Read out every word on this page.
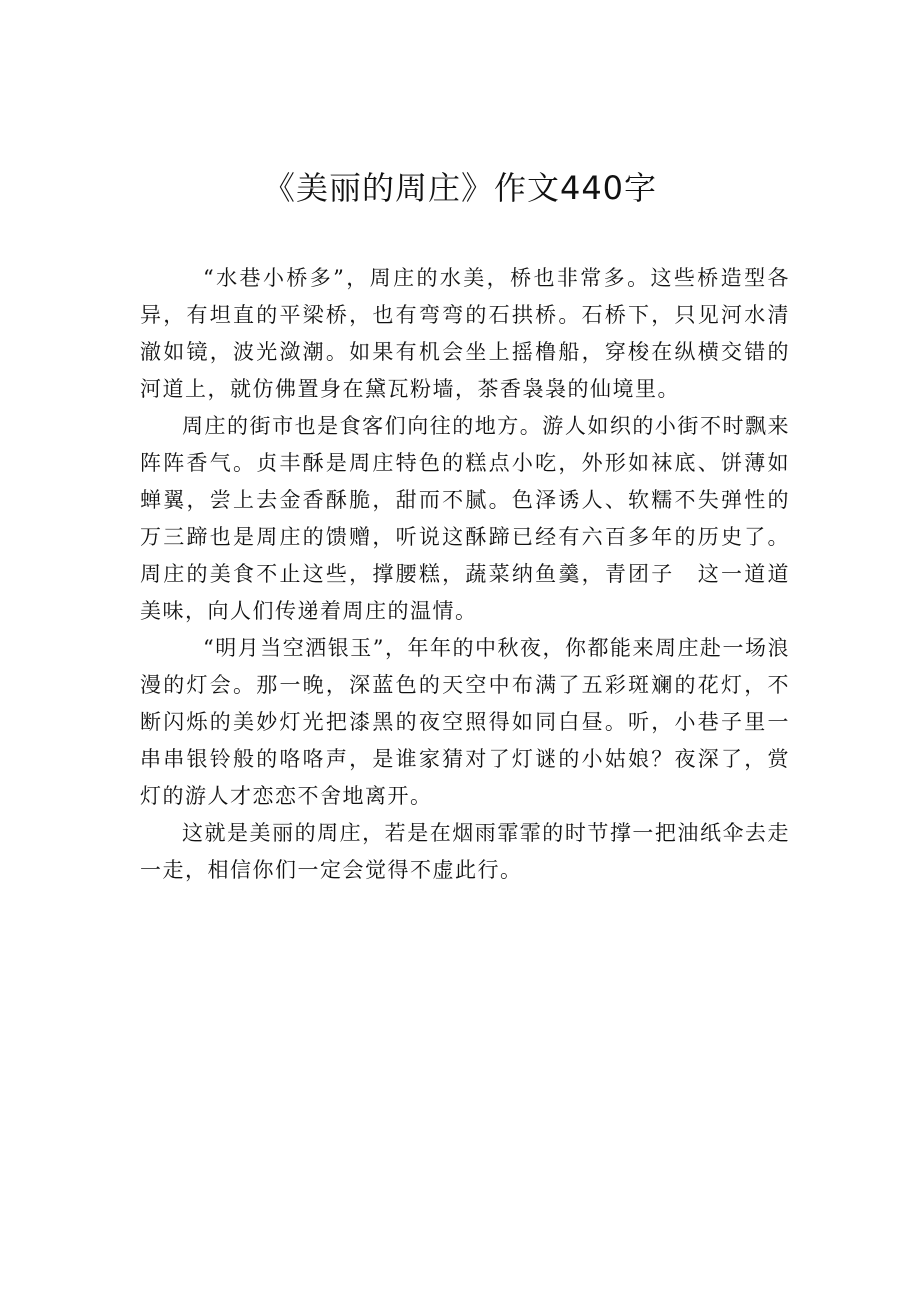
《美丽的周庄》作文440字

“水巷小桥多”，周庄的水美，桥也非常多。这些桥造型各异，有坦直的平梁桥，也有弯弯的石拱桥。石桥下，只见河水清澈如镜，波光潋潮。如果有机会坐上摇橹船，穿梭在纵横交错的河道上，就仿佛置身在黛瓦粉墙，茶香袅袅的仙境里。

周庄的街市也是食客们向往的地方。游人如织的小街不时飘来阵阵香气。贞丰酥是周庄特色的糕点小吃，外形如袜底、饼薄如蝉翼，尝上去金香酥脆，甜而不腻。色泽诱人、软糯不失弹性的万三蹄也是周庄的馈赠，听说这酥蹄已经有六百多年的历史了。周庄的美食不止这些，撑腰糕，蔬菜纳鱼羹，青团子　这一道道美味，向人们传递着周庄的温情。

“明月当空洒银玉”，年年的中秋夜，你都能来周庄赴一场浪漫的灯会。那一晚，深蓝色的天空中布满了五彩斑斓的花灯，不断闪烁的美妙灯光把漆黑的夜空照得如同白昼。听，小巷子里一串串银铃般的咯咯声，是谁家猜对了灯谜的小姑娘？夜深了，赏灯的游人才恋恋不舍地离开。

这就是美丽的周庄，若是在烟雨霏霏的时节撑一把油纸伞去走一走，相信你们一定会觉得不虚此行。
